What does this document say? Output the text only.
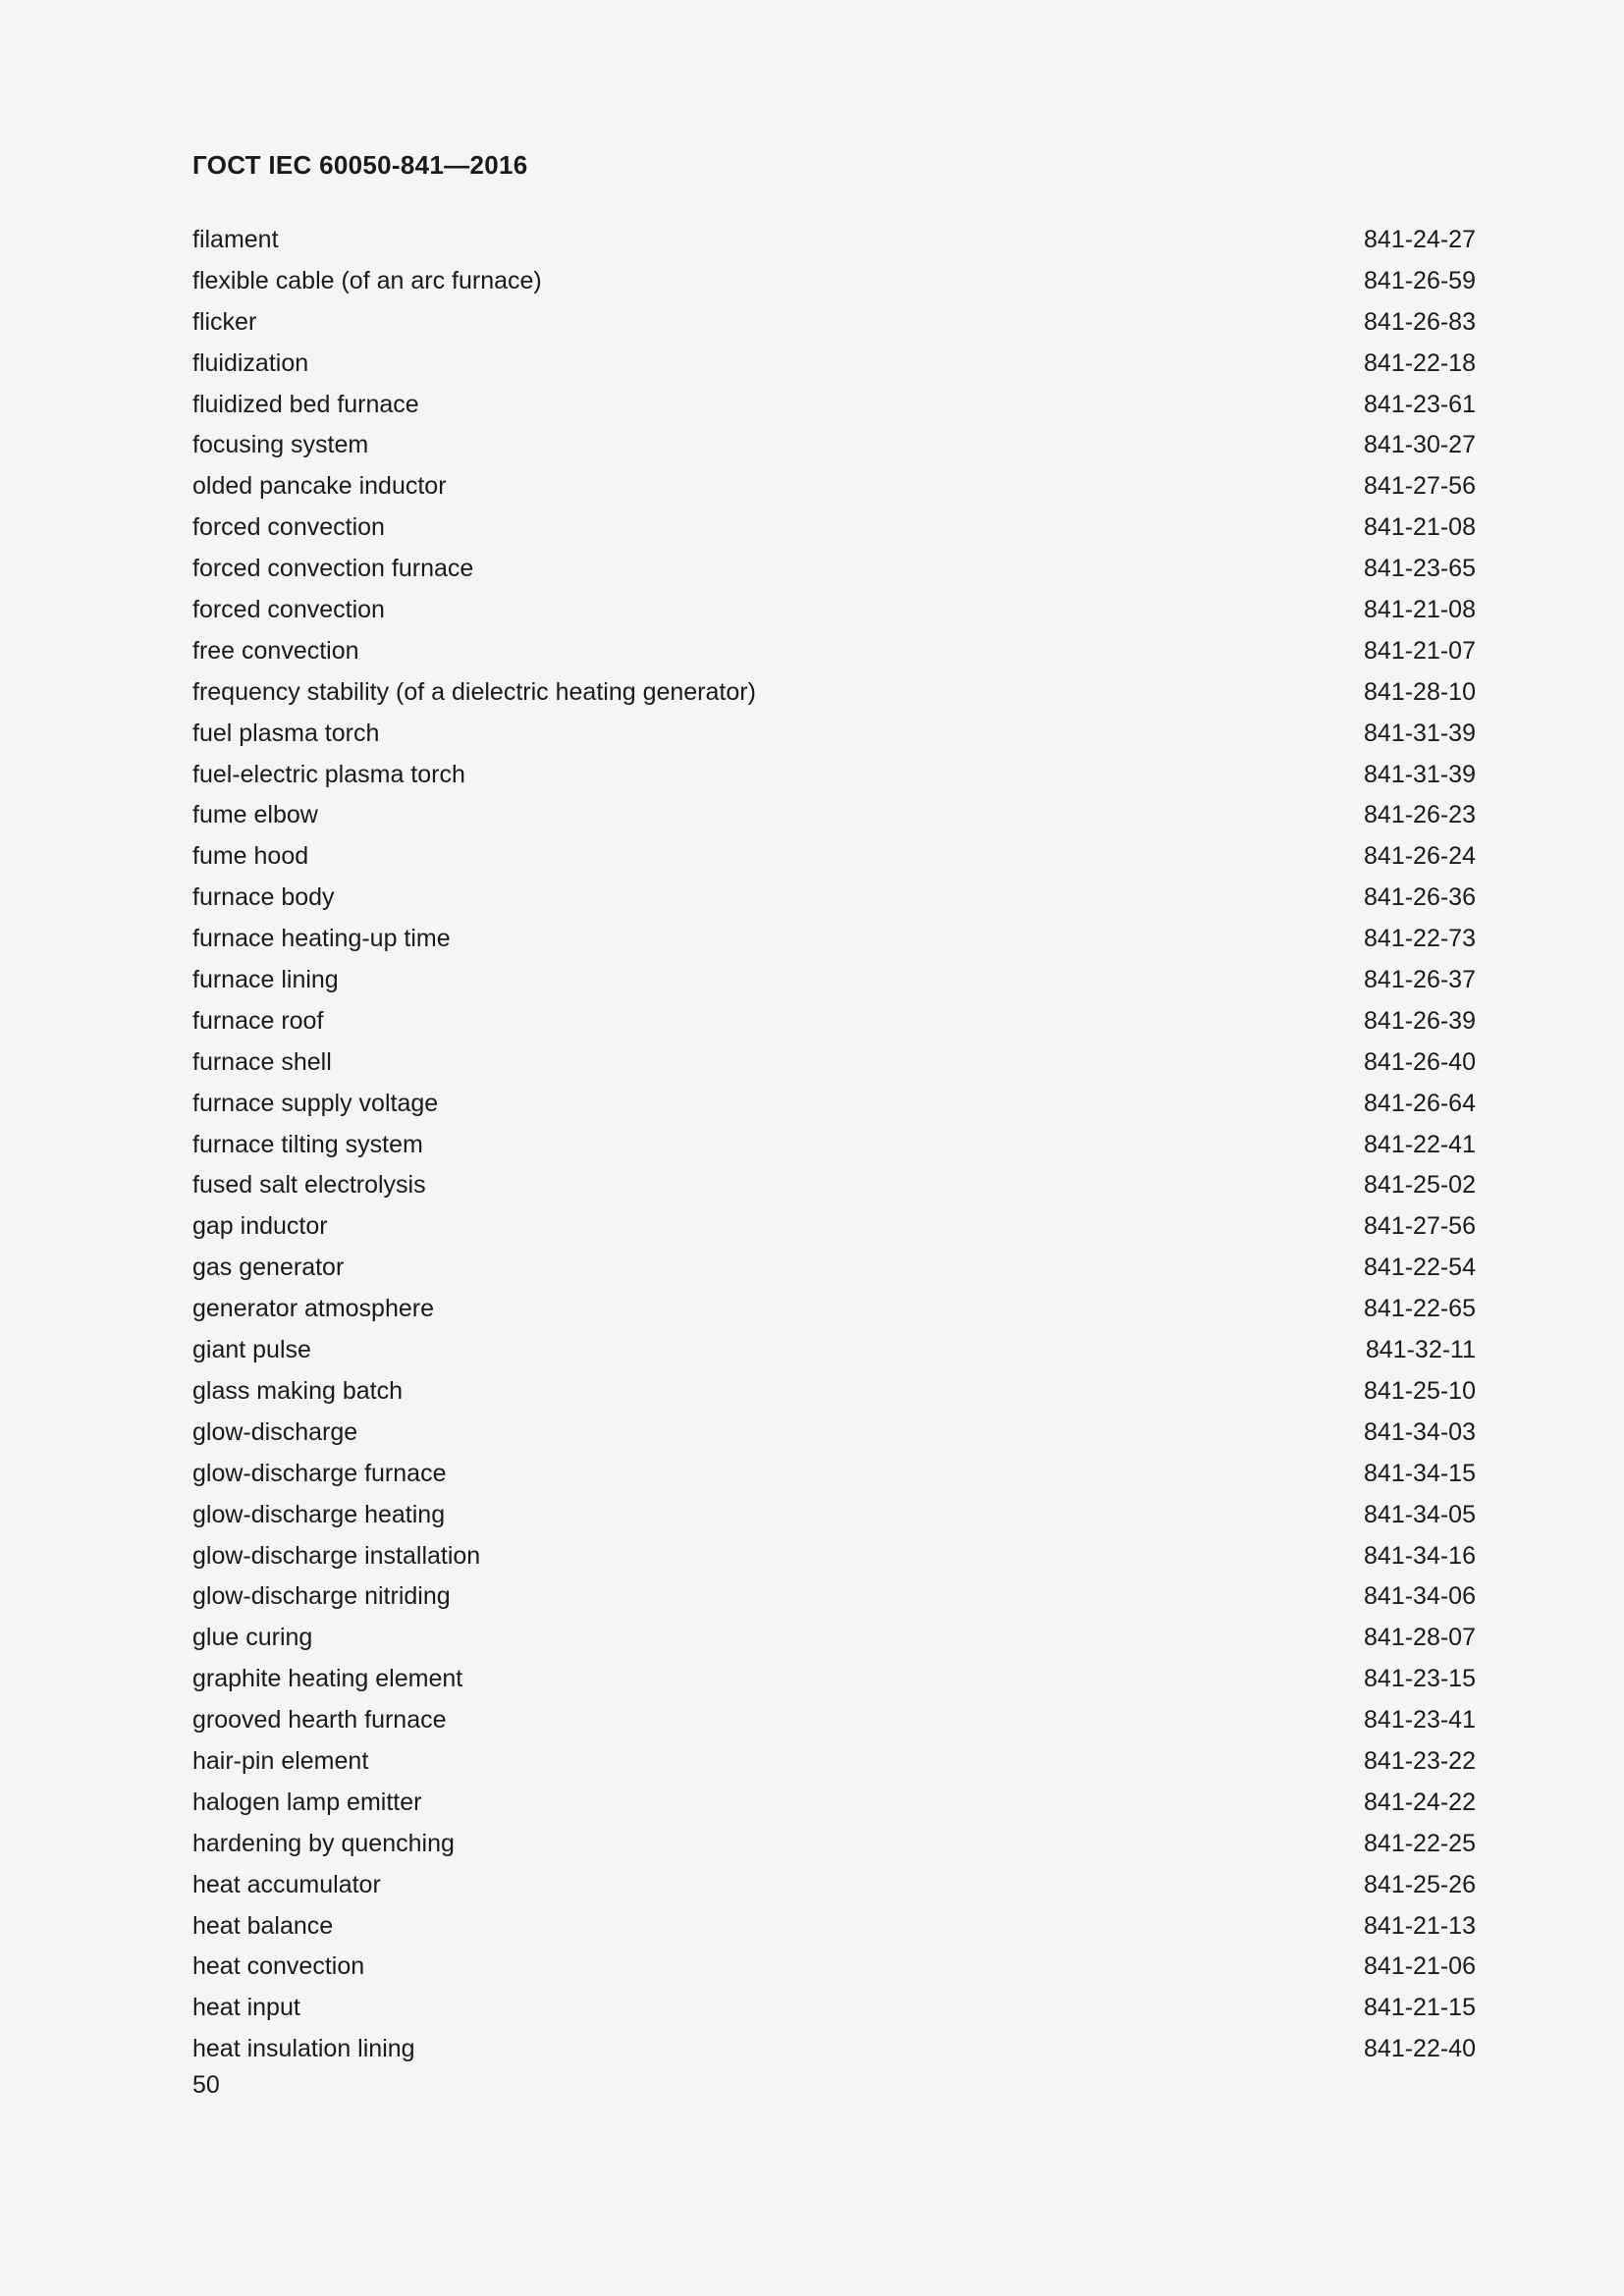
ГОСТ IEC 60050-841—2016
filament	841-24-27
flexible cable (of an arc furnace)	841-26-59
flicker	841-26-83
fluidization	841-22-18
fluidized bed furnace	841-23-61
focusing system	841-30-27
olded pancake inductor	841-27-56
forced convection	841-21-08
forced convection furnace	841-23-65
forced convection	841-21-08
free convection	841-21-07
frequency stability (of a dielectric heating generator)	841-28-10
fuel plasma torch	841-31-39
fuel-electric plasma torch	841-31-39
fume elbow	841-26-23
fume hood	841-26-24
furnace body	841-26-36
furnace heating-up time	841-22-73
furnace lining	841-26-37
furnace roof	841-26-39
furnace shell	841-26-40
furnace supply voltage	841-26-64
furnace tilting system	841-22-41
fused salt electrolysis	841-25-02
gap inductor	841-27-56
gas generator	841-22-54
generator atmosphere	841-22-65
giant pulse	841-32-11
glass making batch	841-25-10
glow-discharge	841-34-03
glow-discharge furnace	841-34-15
glow-discharge heating	841-34-05
glow-discharge installation	841-34-16
glow-discharge nitriding	841-34-06
glue curing	841-28-07
graphite heating element	841-23-15
grooved hearth furnace	841-23-41
hair-pin element	841-23-22
halogen lamp emitter	841-24-22
hardening by quenching	841-22-25
heat accumulator	841-25-26
heat balance	841-21-13
heat convection	841-21-06
heat input	841-21-15
heat insulation lining	841-22-40
50
